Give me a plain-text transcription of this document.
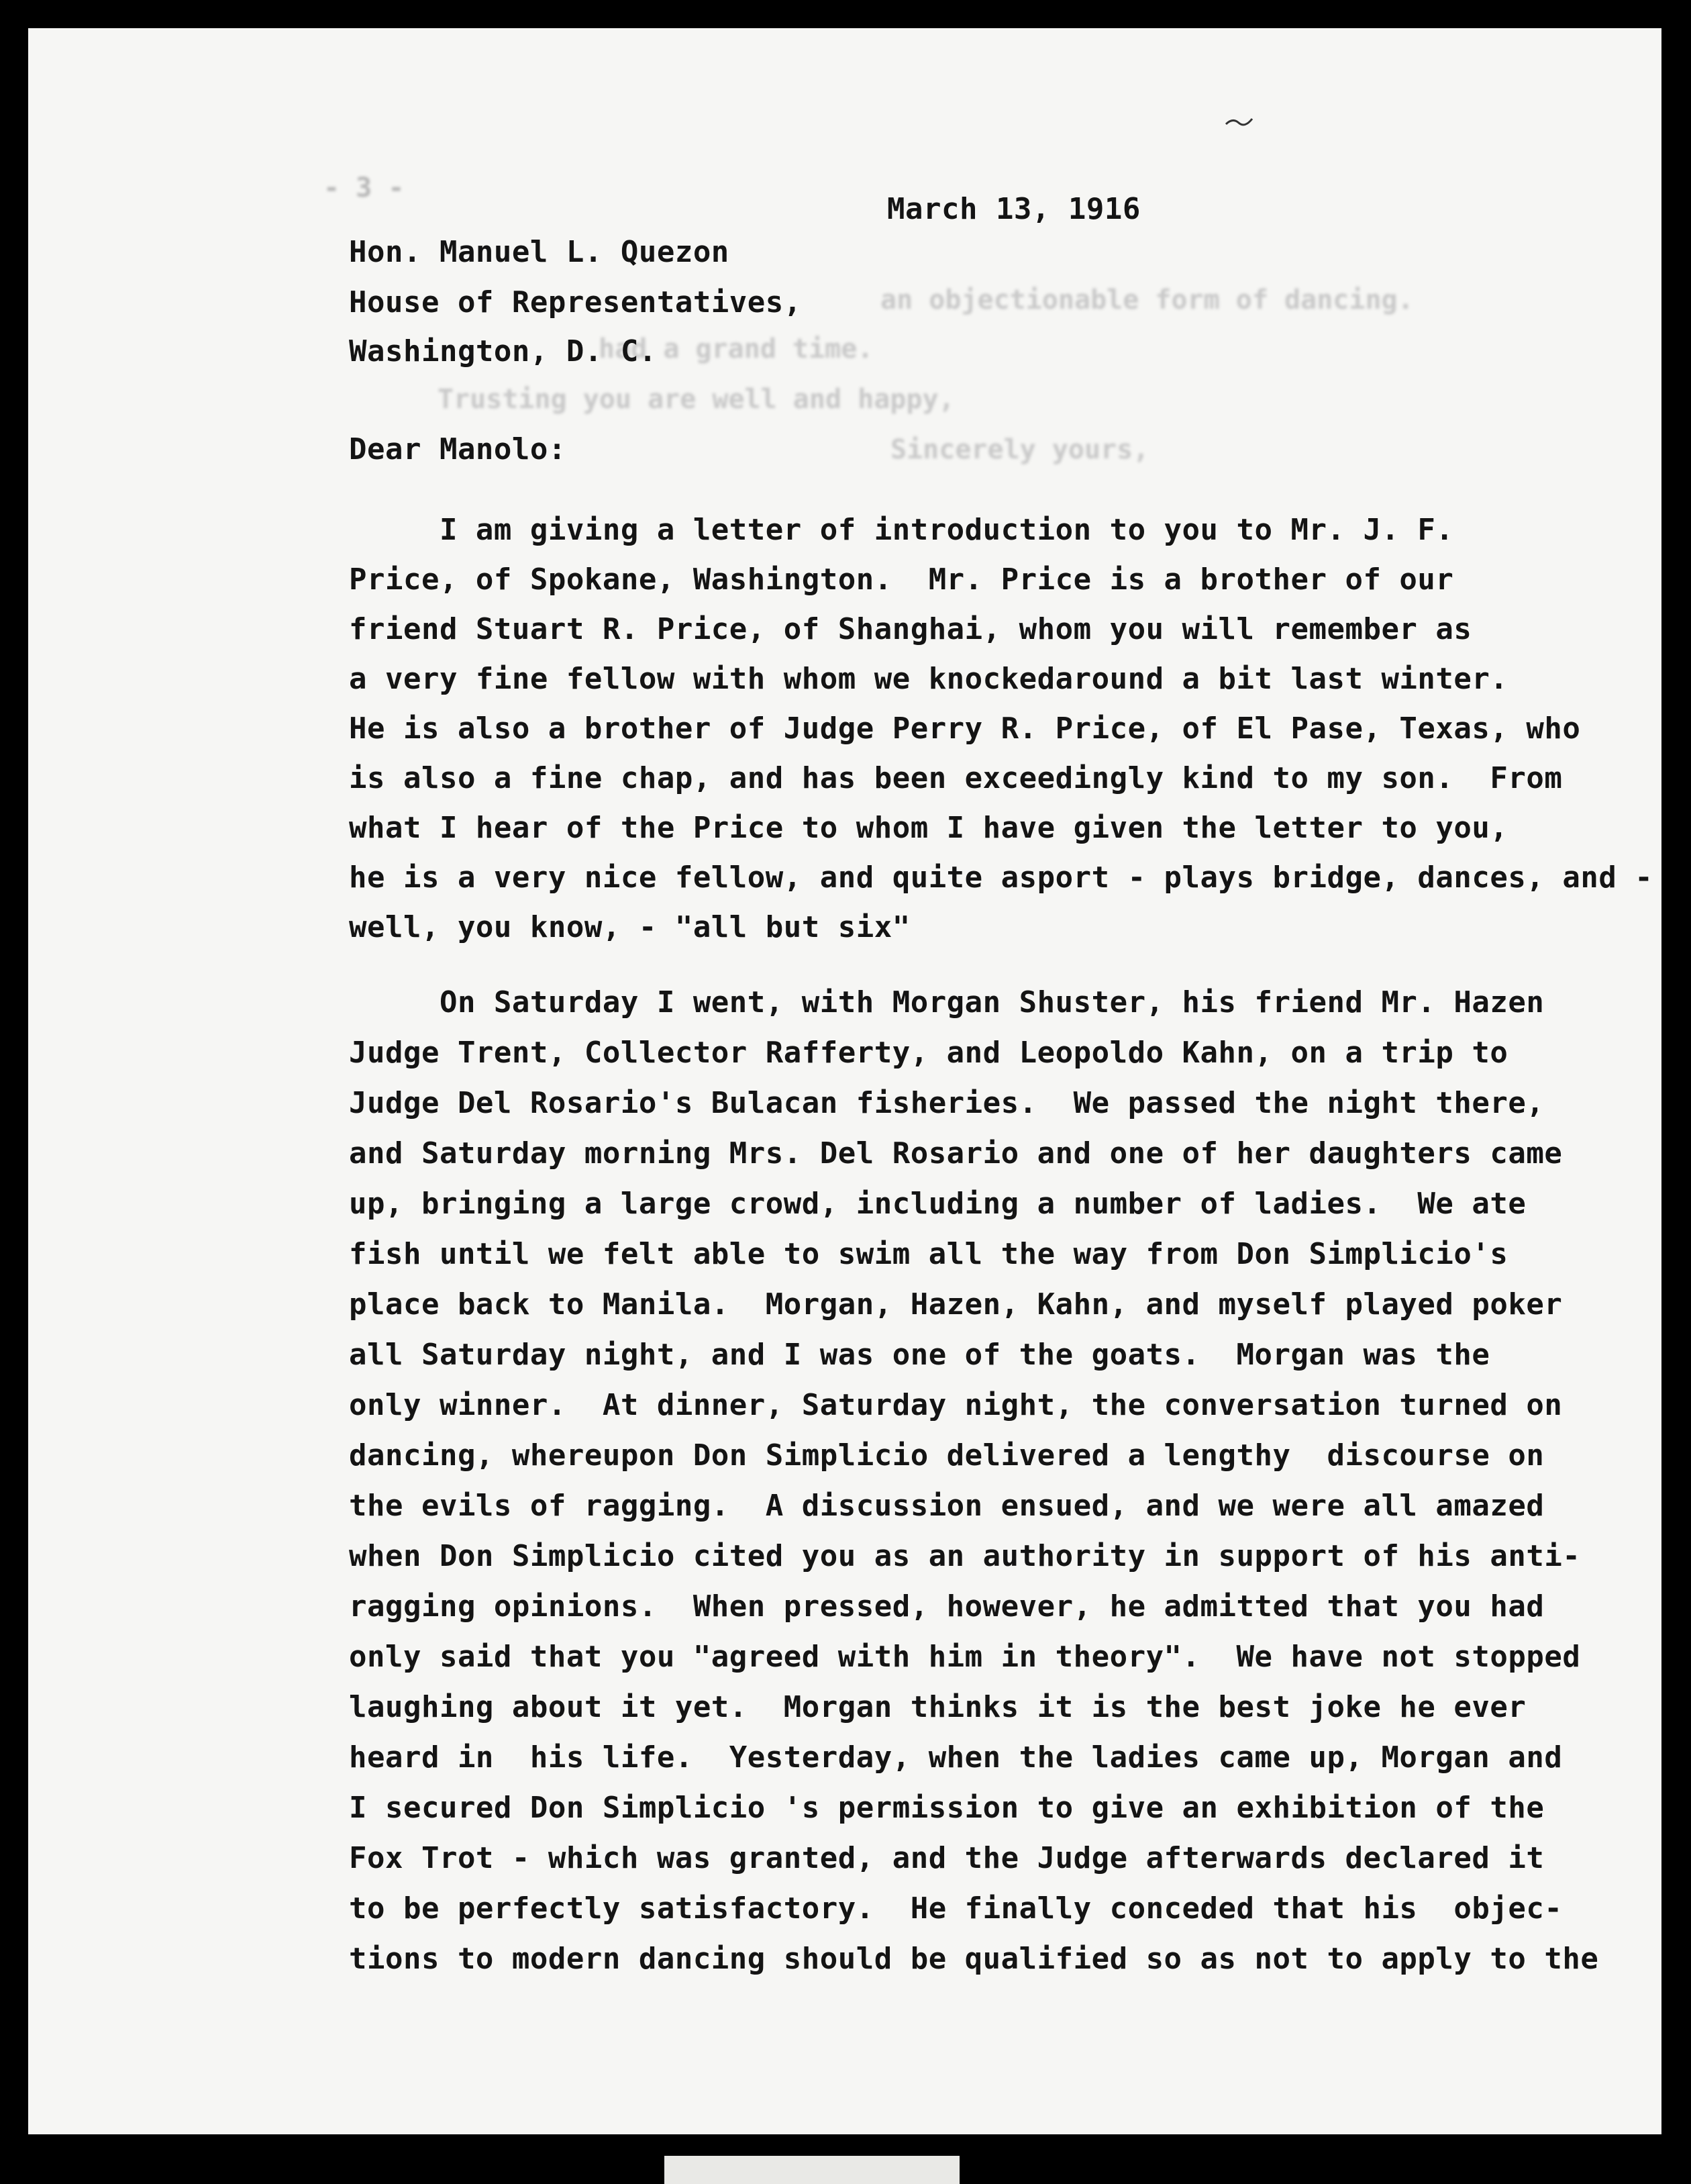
an objectionable form of dancing.
had a grand time.
Trusting you are well and happy,
Sincerely yours,
- 3 -
March 13, 1916
Hon. Manuel L. Quezon
House of Representatives,
Washington, D. C.
Dear Manolo:
I am giving a letter of introduction to you to Mr. J. F.
Price, of Spokane, Washington.  Mr. Price is a brother of our
friend Stuart R. Price, of Shanghai, whom you will remember as
a very fine fellow with whom we knockedaround a bit last winter.
He is also a brother of Judge Perry R. Price, of El Pase, Texas, who
is also a fine chap, and has been exceedingly kind to my son.  From
what I hear of the Price to whom I have given the letter to you,
he is a very nice fellow, and quite asport - plays bridge, dances, and -
well, you know, - "all but six"
On Saturday I went, with Morgan Shuster, his friend Mr. Hazen
Judge Trent, Collector Rafferty, and Leopoldo Kahn, on a trip to
Judge Del Rosario's Bulacan fisheries.  We passed the night there,
and Saturday morning Mrs. Del Rosario and one of her daughters came
up, bringing a large crowd, including a number of ladies.  We ate
fish until we felt able to swim all the way from Don Simplicio's
place back to Manila.  Morgan, Hazen, Kahn, and myself played poker
all Saturday night, and I was one of the goats.  Morgan was the
only winner.  At dinner, Saturday night, the conversation turned on
dancing, whereupon Don Simplicio delivered a lengthy  discourse on
the evils of ragging.  A discussion ensued, and we were all amazed
when Don Simplicio cited you as an authority in support of his anti-
ragging opinions.  When pressed, however, he admitted that you had
only said that you "agreed with him in theory".  We have not stopped
laughing about it yet.  Morgan thinks it is the best joke he ever
heard in  his life.  Yesterday, when the ladies came up, Morgan and
I secured Don Simplicio 's permission to give an exhibition of the
Fox Trot - which was granted, and the Judge afterwards declared it
to be perfectly satisfactory.  He finally conceded that his  objec-
tions to modern dancing should be qualified so as not to apply to the
